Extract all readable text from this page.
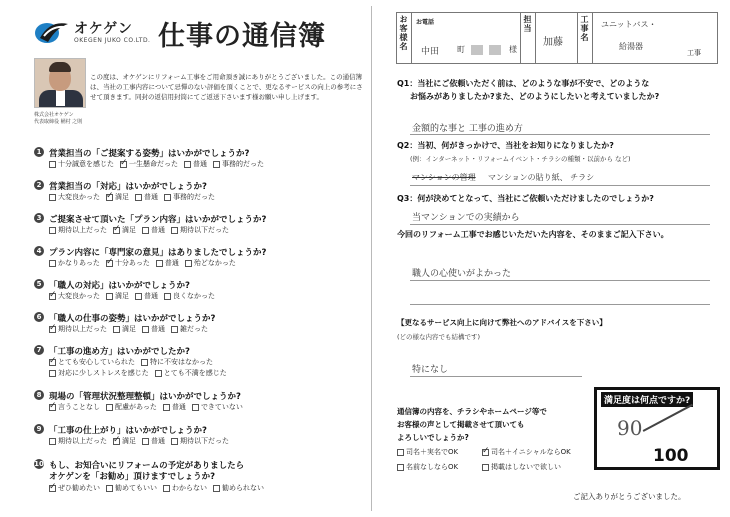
オケゲン
OKEGEN JUKO CO.LTD. 仕事の通信簿
株式会社オケゲン
代表取締役 桶村 之則
この度は、オケゲンにリフォーム工事をご用命頂き誠にありがとうございました。この通信簿は、当社の工事内容について忌憚のない評価を頂くことで、更なるサービスの向上の参考にさせて頂きます。同封の返信用封筒にてご返送下さいます様お願い申し上げます。
1 営業担当の「ご提案する姿勢」はいかがでしょうか?
十分誠意を感じた ✓ 一生懸命だった 普通 事務的だった
2 営業担当の「対応」はいかがでしょうか?
大変良かった ✓ 満足 普通 事務的だった
3 ご提案させて頂いた「プラン内容」はいかがでしょうか?
期待以上だった ✓ 満足 普通 期待以下だった
4 プラン内容に「専門家の意見」はありましたでしょうか?
かなりあった ✓ 十分あった 普通 殆どなかった
5 「職人の対応」はいかがでしょうか?
✓
大変良かった 満足 普通 良くなかった
6 「職人の仕事の姿勢」はいかがでしょうか?
✓
期待以上だった 満足 普通 雑だった
7 「工事の進め方」はいかがでしたか?
✓
とても安心していられた 特に不安はなかった
対応に少しストレスを感じた とても不満を感じた
8 現場の「管理状況整理整頓」はいかがでしょうか?
✓
言うことなし 配慮があった 普通 できていない
9 「工事の仕上がり」はいかがでしょうか?
期待以上だった ✓ 満足 普通 期待以下だった
10 もし、お知合いにリフォームの予定がありましたら
オケゲンを「お勧め」頂けますでしょうか?
✓
ぜひ勧めたい 勧めてもいい わからない 勧められない
お客様名 お電話
中田 町	様
担当
加藤
工事名 ユニットバス・
給湯器
工事
Q1：当社にご依頼いただく前は、どのような事が不安で、どのような
お悩みがありましたか?また、どのようにしたいと考えていましたか?
金額的な事と 工事の進め方
Q2：当初、何がきっかけで、当社をお知りになりましたか?
(例：インターネット・リフォームイベント・チラシの種類・以前から など)
マンションの管理 マンションの貼り紙、 チラシ
Q3：何が決めてとなって、当社にご依頼いただけましたのでしょうか?
当マンションでの実績から
今回のリフォーム工事でお感じいただいた内容を、そのままご記入下さい。
職人の心使いがよかった
【更なるサービス向上に向けて弊社へのアドバイスを下さい】
(どの様な内容でも結構です)
特になし
通信簿の内容を、チラシやホームページ等で
お客様の声として掲載させて頂いても
よろしいでしょうか?
司名＋実名でOK ✓	司名＋イニシャルならOK
名前なしならOK	掲載はしないで欲しい
満足度は何点ですか?
90
100
ご記入ありがとうございました。
